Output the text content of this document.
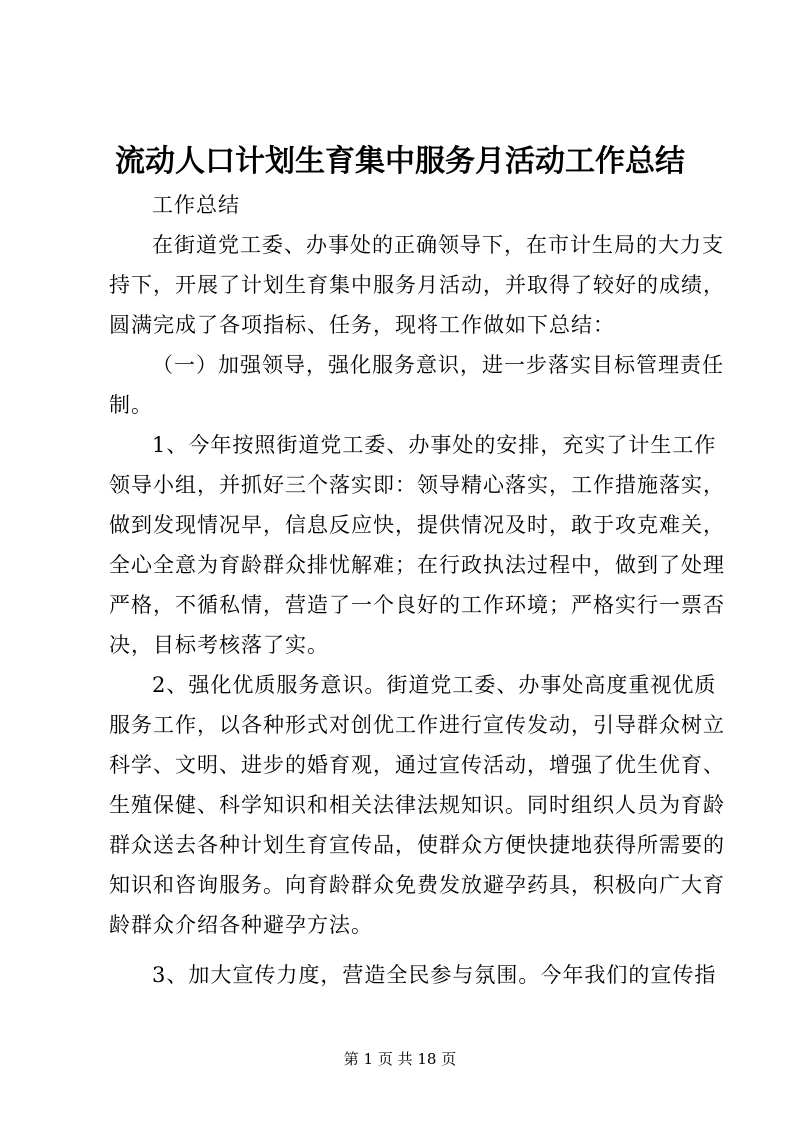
流动人口计划生育集中服务月活动工作总结
工作总结
在街道党工委、办事处的正确领导下，在市计生局的大力支
持下，开展了计划生育集中服务月活动，并取得了较好的成绩，
圆满完成了各项指标、任务，现将工作做如下总结：
（一）加强领导，强化服务意识，进一步落实目标管理责任
制。
1、今年按照街道党工委、办事处的安排，充实了计生工作
领导小组，并抓好三个落实即：领导精心落实，工作措施落实，
做到发现情况早，信息反应快，提供情况及时，敢于攻克难关，
全心全意为育龄群众排忧解难；在行政执法过程中，做到了处理
严格，不循私情，营造了一个良好的工作环境；严格实行一票否
决，目标考核落了实。
2、强化优质服务意识。街道党工委、办事处高度重视优质
服务工作，以各种形式对创优工作进行宣传发动，引导群众树立
科学、文明、进步的婚育观，通过宣传活动，增强了优生优育、
生殖保健、科学知识和相关法律法规知识。同时组织人员为育龄
群众送去各种计划生育宣传品，使群众方便快捷地获得所需要的
知识和咨询服务。向育龄群众免费发放避孕药具，积极向广大育
龄群众介绍各种避孕方法。
3、加大宣传力度，营造全民参与氛围。今年我们的宣传指
第 1 页 共 18 页
